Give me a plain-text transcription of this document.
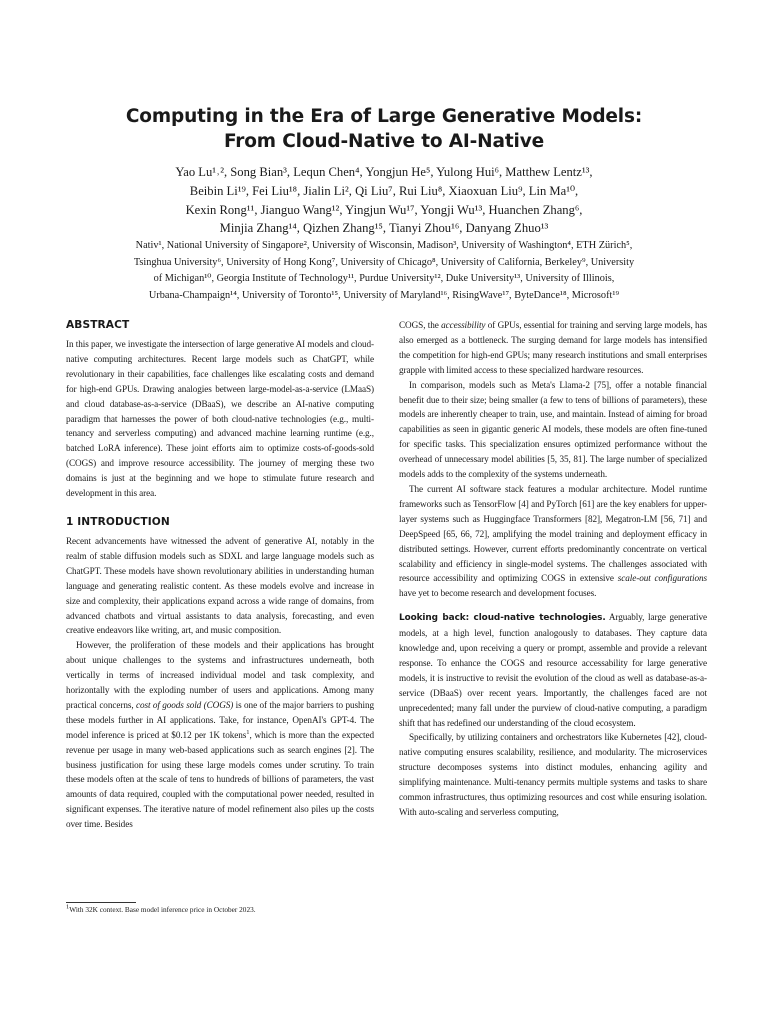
Computing in the Era of Large Generative Models:
From Cloud-Native to AI-Native
Yao Lu¹˒², Song Bian³, Lequn Chen⁴, Yongjun He⁵, Yulong Hui⁶, Matthew Lentz¹³,
Beibin Li¹⁹, Fei Liu¹⁸, Jialin Li², Qi Liu⁷, Rui Liu⁸, Xiaoxuan Liu⁹, Lin Ma¹⁰,
Kexin Rong¹¹, Jianguo Wang¹², Yingjun Wu¹⁷, Yongji Wu¹³, Huanchen Zhang⁶,
Minjia Zhang¹⁴, Qizhen Zhang¹⁵, Tianyi Zhou¹⁶, Danyang Zhuo¹³
Nativ¹, National University of Singapore², University of Wisconsin, Madison³, University of Washington⁴, ETH Zürich⁵,
Tsinghua University⁶, University of Hong Kong⁷, University of Chicago⁸, University of California, Berkeley⁹, University
of Michigan¹⁰, Georgia Institute of Technology¹¹, Purdue University¹², Duke University¹³, University of Illinois,
Urbana-Champaign¹⁴, University of Toronto¹⁵, University of Maryland¹⁶, RisingWave¹⁷, ByteDance¹⁸, Microsoft¹⁹
ABSTRACT

In this paper, we investigate the intersection of large generative AI models and cloud-native computing architectures. Recent large models such as ChatGPT, while revolutionary in their capabilities, face challenges like escalating costs and demand for high-end GPUs. Drawing analogies between large-model-as-a-service (LMaaS) and cloud database-as-a-service (DBaaS), we describe an AI-native computing paradigm that harnesses the power of both cloud-native technologies (e.g., multi-tenancy and serverless computing) and advanced machine learning runtime (e.g., batched LoRA inference). These joint efforts aim to optimize costs-of-goods-sold (COGS) and improve resource accessibility. The journey of merging these two domains is just at the beginning and we hope to stimulate future research and development in this area.

1 INTRODUCTION

Recent advancements have witnessed the advent of generative AI, notably in the realm of stable diffusion models such as SDXL and large language models such as ChatGPT. These models have shown revolutionary abilities in understanding human language and generating realistic content. As these models evolve and increase in size and complexity, their applications expand across a wide range of domains, from advanced chatbots and virtual assistants to data analysis, forecasting, and even creative endeavors like writing, art, and music composition.

However, the proliferation of these models and their applications has brought about unique challenges to the systems and infrastructures underneath, both vertically in terms of increased individual model and task complexity, and horizontally with the exploding number of users and applications. Among many practical concerns, cost of goods sold (COGS) is one of the major barriers to pushing these models further in AI applications. Take, for instance, OpenAI's GPT-4. The model inference is priced at $0.12 per 1K tokens$^1$, which is more than the expected revenue per usage in many web-based applications such as search engines [2]. The business justification for using these large models comes under scrutiny. To train these models often at the scale of tens to hundreds of billions of parameters, the vast amounts of data required, coupled with the computational power needed, resulted in significant expenses. The iterative nature of model refinement also piles up the costs over time. Besides

COGS, the accessibility of GPUs, essential for training and serving large models, has also emerged as a bottleneck. The surging demand for large models has intensified the competition for high-end GPUs; many research institutions and small enterprises grapple with limited access to these specialized hardware resources.

In comparison, models such as Meta's Llama-2 [75], offer a notable financial benefit due to their size; being smaller (a few to tens of billions of parameters), these models are inherently cheaper to train, use, and maintain. Instead of aiming for broad capabilities as seen in gigantic generic AI models, these models are often fine-tuned for specific tasks. This specialization ensures optimized performance without the overhead of unnecessary model abilities [5, 35, 81]. The large number of specialized models adds to the complexity of the systems underneath.

The current AI software stack features a modular architecture. Model runtime frameworks such as TensorFlow [4] and PyTorch [61] are the key enablers for upper-layer systems such as Huggingface Transformers [82], Megatron-LM [56, 71] and DeepSpeed [65, 66, 72], amplifying the model training and deployment efficacy in distributed settings. However, current efforts predominantly concentrate on vertical scalability and efficiency in single-model systems. The challenges associated with resource accessibility and optimizing COGS in extensive scale-out configurations have yet to become research and development focuses.

Looking back: cloud-native technologies. Arguably, large generative models, at a high level, function analogously to databases. They capture data knowledge and, upon receiving a query or prompt, assemble and provide a relevant response. To enhance the COGS and resource accessability for large generative models, it is instructive to revisit the evolution of the cloud as well as database-as-a-service (DBaaS) over recent years. Importantly, the challenges faced are not unprecedented; many fall under the purview of cloud-native computing, a paradigm shift that has redefined our understanding of the cloud ecosystem.

Specifically, by utilizing containers and orchestrators like Kubernetes [42], cloud-native computing ensures scalability, resilience, and modularity. The microservices structure decomposes systems into distinct modules, enhancing agility and simplifying maintenance. Multi-tenancy permits multiple systems and tasks to share common infrastructures, thus optimizing resources and cost while ensuring isolation. With auto-scaling and serverless computing,

$^1$With 32K context. Base model inference price in October 2023.
